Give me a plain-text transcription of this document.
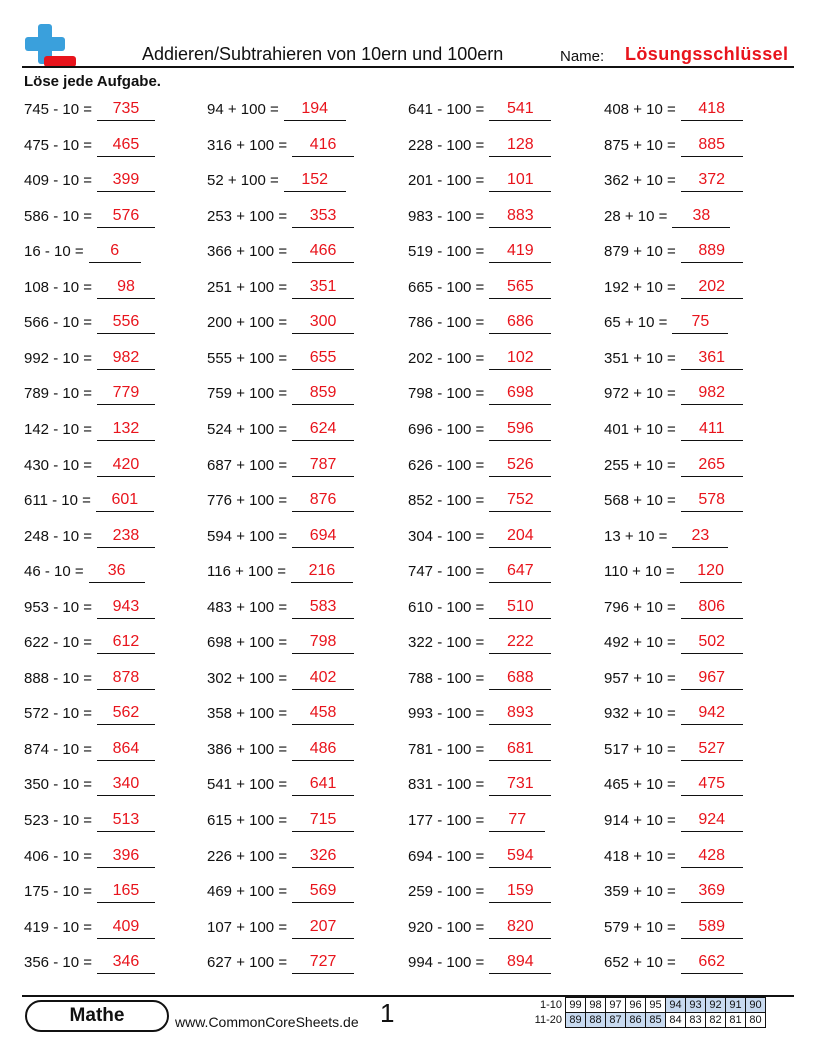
Addieren/Subtrahieren von 10ern und 100ern	Name: Lösungsschlüssel
Löse jede Aufgabe.
745 - 10 =	735
475 - 10 =	465
409 - 10 =	399
586 - 10 =	576
16 - 10 =	6
108 - 10 =	98
566 - 10 =	556
992 - 10 =	982
789 - 10 =	779
142 - 10 =	132
430 - 10 =	420
611 - 10 =	601
248 - 10 =	238
46 - 10 =	36
953 - 10 =	943
622 - 10 =	612
888 - 10 =	878
572 - 10 =	562
874 - 10 =	864
350 - 10 =	340
523 - 10 =	513
406 - 10 =	396
175 - 10 =	165
419 - 10 =	409
356 - 10 =	346
94 + 100 =	194
316 + 100 =	416
52 + 100 =	152
253 + 100 =	353
366 + 100 =	466
251 + 100 =	351
200 + 100 =	300
555 + 100 =	655
759 + 100 =	859
524 + 100 =	624
687 + 100 =	787
776 + 100 =	876
594 + 100 =	694
116 + 100 =	216
483 + 100 =	583
698 + 100 =	798
302 + 100 =	402
358 + 100 =	458
386 + 100 =	486
541 + 100 =	641
615 + 100 =	715
226 + 100 =	326
469 + 100 =	569
107 + 100 =	207
627 + 100 =	727
641 - 100 =	541
228 - 100 =	128
201 - 100 =	101
983 - 100 =	883
519 - 100 =	419
665 - 100 =	565
786 - 100 =	686
202 - 100 =	102
798 - 100 =	698
696 - 100 =	596
626 - 100 =	526
852 - 100 =	752
304 - 100 =	204
747 - 100 =	647
610 - 100 =	510
322 - 100 =	222
788 - 100 =	688
993 - 100 =	893
781 - 100 =	681
831 - 100 =	731
177 - 100 =	77
694 - 100 =	594
259 - 100 =	159
920 - 100 =	820
994 - 100 =	894
408 + 10 =	418
875 + 10 =	885
362 + 10 =	372
28 + 10 =	38
879 + 10 =	889
192 + 10 =	202
65 + 10 =	75
351 + 10 =	361
972 + 10 =	982
401 + 10 =	411
255 + 10 =	265
568 + 10 =	578
13 + 10 =	23
110 + 10 =	120
796 + 10 =	806
492 + 10 =	502
957 + 10 =	967
932 + 10 =	942
517 + 10 =	527
465 + 10 =	475
914 + 10 =	924
418 + 10 =	428
359 + 10 =	369
579 + 10 =	589
652 + 10 =	662
Mathe	www.CommonCoreSheets.de 1	1-10	99	98	97	96	95	94	93	92	91	90
11-20	89	88	87	86	85	84	83	82	81	80
